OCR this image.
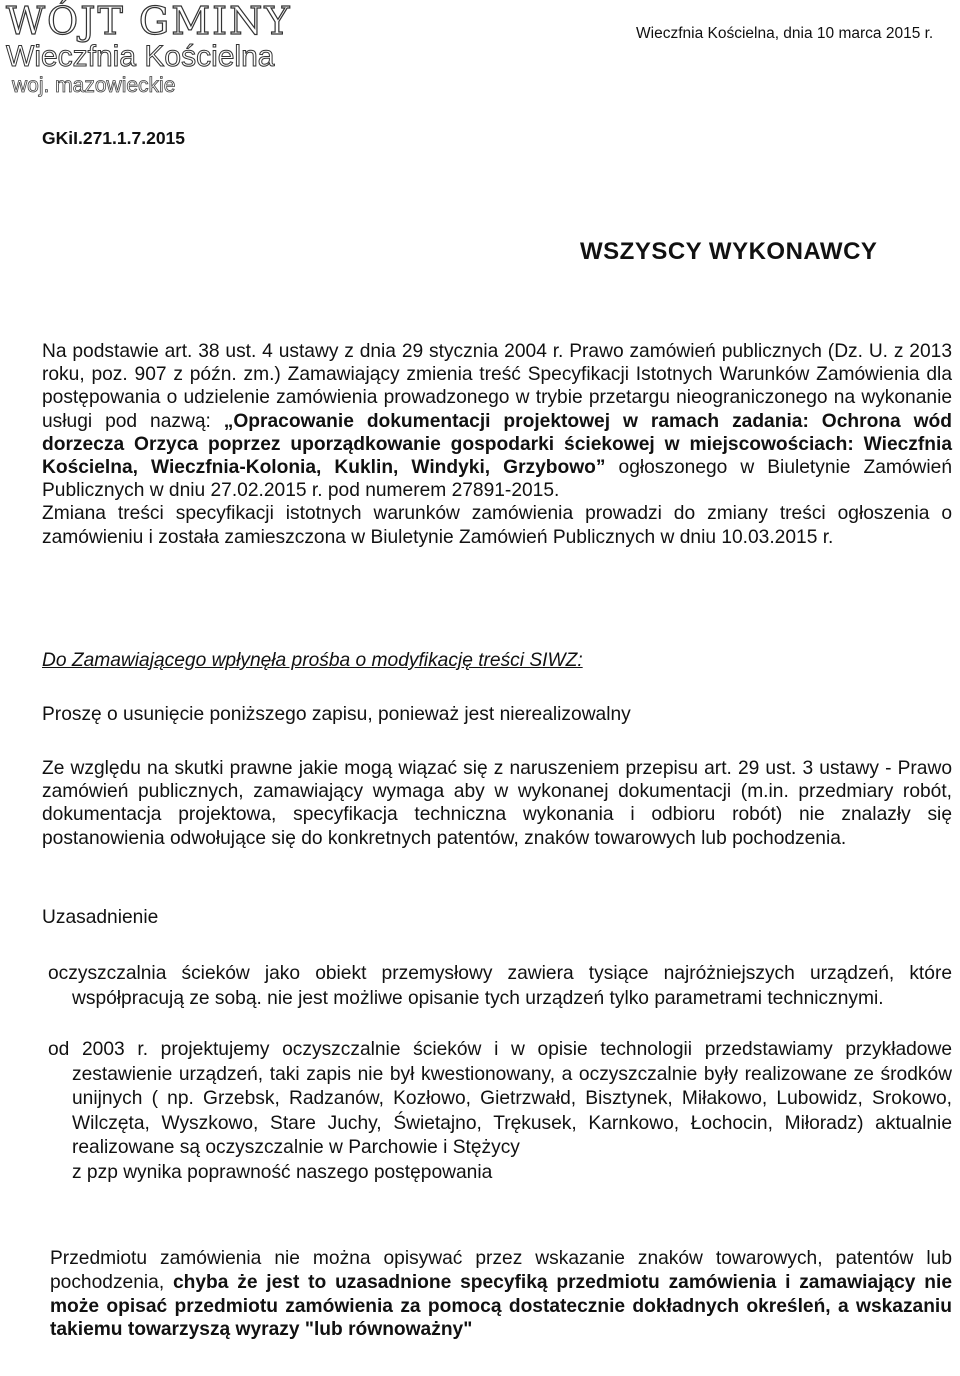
WÓJT GMINY

Wieczfnia Kościelna

woj. mazowieckie

Wieczfnia Kościelna, dnia 10 marca 2015 r.

GKiI.271.1.7.2015

WSZYSCY WYKONAWCY

Na podstawie art. 38 ust. 4 ustawy z dnia 29 stycznia 2004 r. Prawo zamówień publicznych (Dz. U. z 2013 roku, poz. 907 z późn. zm.) Zamawiający zmienia treść Specyfikacji Istotnych Warunków Zamówienia dla postępowania o udzielenie zamówienia prowadzonego w trybie przetargu nieograniczonego na wykonanie usługi pod nazwą: „Opracowanie dokumentacji projektowej w ramach zadania: Ochrona wód dorzecza Orzyca poprzez uporządkowanie gospodarki ściekowej w miejscowościach: Wieczfnia Kościelna, Wieczfnia-Kolonia, Kuklin, Windyki, Grzybowo” ogłoszonego w Biuletynie Zamówień Publicznych w dniu 27.02.2015 r. pod numerem 27891-2015.
Zmiana treści specyfikacji istotnych warunków zamówienia prowadzi do zmiany treści ogłoszenia o zamówieniu i została zamieszczona w Biuletynie Zamówień Publicznych w dniu 10.03.2015 r.

Do Zamawiającego wpłynęła prośba o modyfikację treści SIWZ:

Proszę o usunięcie poniższego zapisu, ponieważ jest nierealizowalny

Ze względu na skutki prawne jakie mogą wiązać się z naruszeniem przepisu art. 29 ust. 3 ustawy - Prawo zamówień publicznych, zamawiający wymaga aby w wykonanej dokumentacji (m.in. przedmiary robót, dokumentacja projektowa, specyfikacja techniczna wykonania i odbioru robót) nie znalazły się postanowienia odwołujące się do konkretnych patentów, znaków towarowych lub pochodzenia.

Uzasadnienie

oczyszczalnia ścieków jako obiekt przemysłowy zawiera tysiące najróżniejszych urządzeń, które współpracują ze sobą. nie jest możliwe opisanie tych urządzeń tylko parametrami technicznymi.

od 2003 r. projektujemy oczyszczalnie ścieków i w opisie technologii przedstawiamy przykładowe zestawienie urządzeń, taki zapis nie był kwestionowany, a oczyszczalnie były realizowane ze środków unijnych ( np. Grzebsk, Radzanów, Kozłowo, Gietrzwałd, Bisztynek, Miłakowo, Lubowidz, Srokowo, Wilczęta, Wyszkowo, Stare Juchy, Świetajno, Trękusek, Karnkowo, Łochocin, Miłoradz) aktualnie realizowane są oczyszczalnie w Parchowie i Stężycy

z pzp wynika poprawność naszego postępowania

Przedmiotu zamówienia nie można opisywać przez wskazanie znaków towarowych, patentów lub pochodzenia, chyba że jest to uzasadnione specyfiką przedmiotu zamówienia i zamawiający nie może opisać przedmiotu zamówienia za pomocą dostatecznie dokładnych określeń, a wskazaniu takiemu towarzyszą wyrazy "lub równoważny"
